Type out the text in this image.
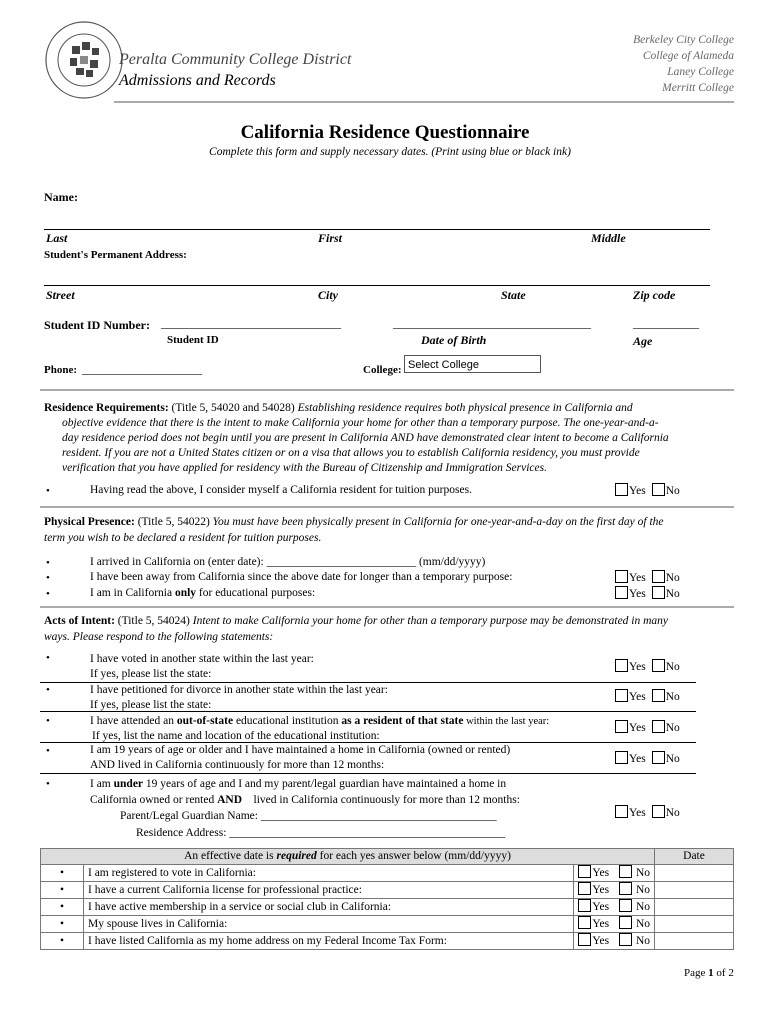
Peralta Community College District
Admissions and Records
Berkeley City College
College of Alameda
Laney College
Merritt College
California Residence Questionnaire
Complete this form and supply necessary dates. (Print using blue or black ink)
Name:
Last	First	Middle
Student's Permanent Address:
Street	City	State	Zip code
Student ID Number: ______________________________	_________________________________	___________
Student ID	Date of Birth	Age
Phone: ____________________	College: Select College
Residence Requirements: (Title 5, 54020 and 54028) Establishing residence requires both physical presence in California and
objective evidence that there is the intent to make California your home for other than a temporary purpose. The one-year-and-a-
day residence period does not begin until you are present in California AND have demonstrated clear intent to become a California
resident. If you are not a United States citizen or on a visa that allows you to establish California residency, you must provide
verification that you have applied for residency with the Bureau of Citizenship and Immigration Services.
•	Having read the above, I consider myself a California resident for tuition purposes.	Yes No
Physical Presence: (Title 5, 54022) You must have been physically present in California for one-year-and-a-day on the first day of the
term you wish to be declared a resident for tuition purposes.
•	I arrived in California on (enter date): __________________________ (mm/dd/yyyy)
•	I have been away from California since the above date for longer than a temporary purpose:	Yes No
•	I am in California only for educational purposes:	Yes No
Acts of Intent: (Title 5, 54024) Intent to make California your home for other than a temporary purpose may be demonstrated in many
ways. Please respond to the following statements:
•	I have voted in another state within the last year:
If yes, please list the state:
Yes No
•	I have petitioned for divorce in another state within the last year:
If yes, please list the state:
Yes No
•	I have attended an out-of-state educational institution as a resident of that state within the last year:
If yes, list the name and location of the educational institution:
Yes No
•	I am 19 years of age or older and I have maintained a home in California (owned or rented)
AND lived in California continuously for more than 12 months:	Yes No
•	I am under 19 years of age and I and my parent/legal guardian have maintained a home in
California owned or rented AND    lived in California continuously for more than 12 months:
Parent/Legal Guardian Name: _________________________________________	Yes No
Residence Address: ________________________________________________
An effective date is required for each yes answer below (mm/dd/yyyy)			Date
•	I am registered to vote in California:	Yes No	
•	I have a current California license for professional practice:	Yes No	
•	I have active membership in a service or social club in California:	Yes No	
•	My spouse lives in California:	Yes No	
•	I have listed California as my home address on my Federal Income Tax Form:	Yes No	
Page 1 of 2
